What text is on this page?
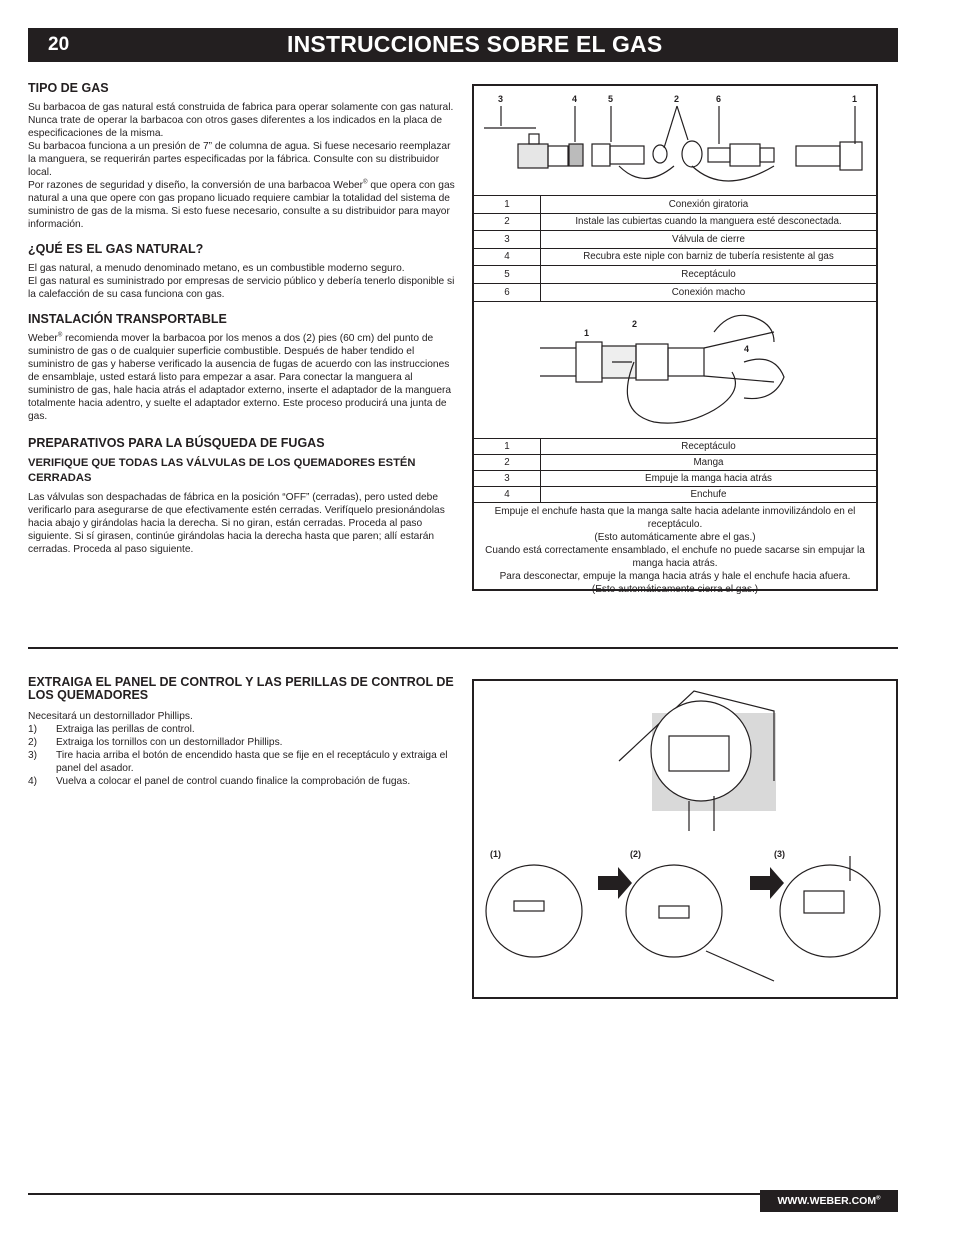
20	INSTRUCCIONES SOBRE EL GAS
TIPO DE GAS

Su barbacoa de gas natural está construida de fabrica para operar solamente con gas natural. Nunca trate de operar la barbacoa con otros gases diferentes a los indicados en la placa de especificaciones de la misma.

Su barbacoa funciona a un presión de 7” de columna de agua. Si fuese necesario reemplazar la manguera, se requerirán partes especificadas por la fábrica. Consulte con su distribuidor local.

Por razones de seguridad y diseño, la conversión de una barbacoa Weber® que opera con gas natural a una que opere con gas propano licuado requiere cambiar la totalidad del sistema de suministro de gas de la misma. Si esto fuese necesario, consulte a su distribuidor para mayor información.

¿QUÉ ES EL GAS NATURAL?

El gas natural, a menudo denominado metano, es un combustible moderno seguro.

El gas natural es suministrado por empresas de servicio público y debería tenerlo disponible si la calefacción de su casa funciona con gas.

INSTALACIÓN TRANSPORTABLE

Weber® recomienda mover la barbacoa por los menos a dos (2) pies (60 cm) del punto de suministro de gas o de cualquier superficie combustible. Después de haber tendido el suministro de gas y haberse verificado la ausencia de fugas de acuerdo con las instrucciones de ensamblaje, usted estará listo para empezar a asar. Para conectar la manguera al suministro de gas, hale hacia atrás el adaptador externo, inserte el adaptador de la manguera totalmente hacia adentro, y suelte el adaptador externo. Este proceso producirá una junta de gas.

PREPARATIVOS PARA LA BÚSQUEDA DE FUGAS
VERIFIQUE QUE TODAS LAS VÁLVULAS DE LOS QUEMADORES ESTÉN CERRADAS

Las válvulas son despachadas de fábrica en la posición “OFF” (cerradas), pero usted debe verificarlo para asegurarse de que efectivamente estén cerradas. Verifíquelo presionándolas hacia abajo y girándolas hacia la derecha. Si no giran, están cerradas. Proceda al paso siguiente. Si sí girasen, continúe girándolas hacia la derecha hasta que paren; allí estarán cerradas. Proceda al paso siguiente.

3	4	5	2	6	1
1	Conexión giratoria
2	Instale las cubiertas cuando la manguera esté desconectada.
3	Válvula de cierre
4	Recubra este niple con barniz de tubería resistente al gas
5	Receptáculo
6	Conexión macho
1
2
4
1	Receptáculo
2	Manga
3	Empuje la manga hacia atrás
4	Enchufe
Empuje el enchufe hasta que la manga salte hacia adelante inmovilizándolo en el receptáculo.
(Esto automáticamente abre el gas.)
Cuando está correctamente ensamblado, el enchufe no puede sacarse sin empujar la manga hacia atrás.
Para desconectar, empuje la manga hacia atrás y hale el enchufe hacia afuera.
(Esto automáticamente cierra el gas.)
EXTRAIGA EL PANEL DE CONTROL Y LAS PERILLAS DE CONTROL DE LOS QUEMADORES

Necesitará un destornillador Phillips.

1) Extraiga las perillas de control.
2) Extraiga los tornillos con un destornillador Phillips.
3) Tire hacia arriba el botón de encendido hasta que se fije en el receptáculo y extraiga el panel del asador.
4) Vuelva a colocar el panel de control cuando finalice la comprobación de fugas.
(1)	(2)	(3)
WWW.WEBER.COM®
